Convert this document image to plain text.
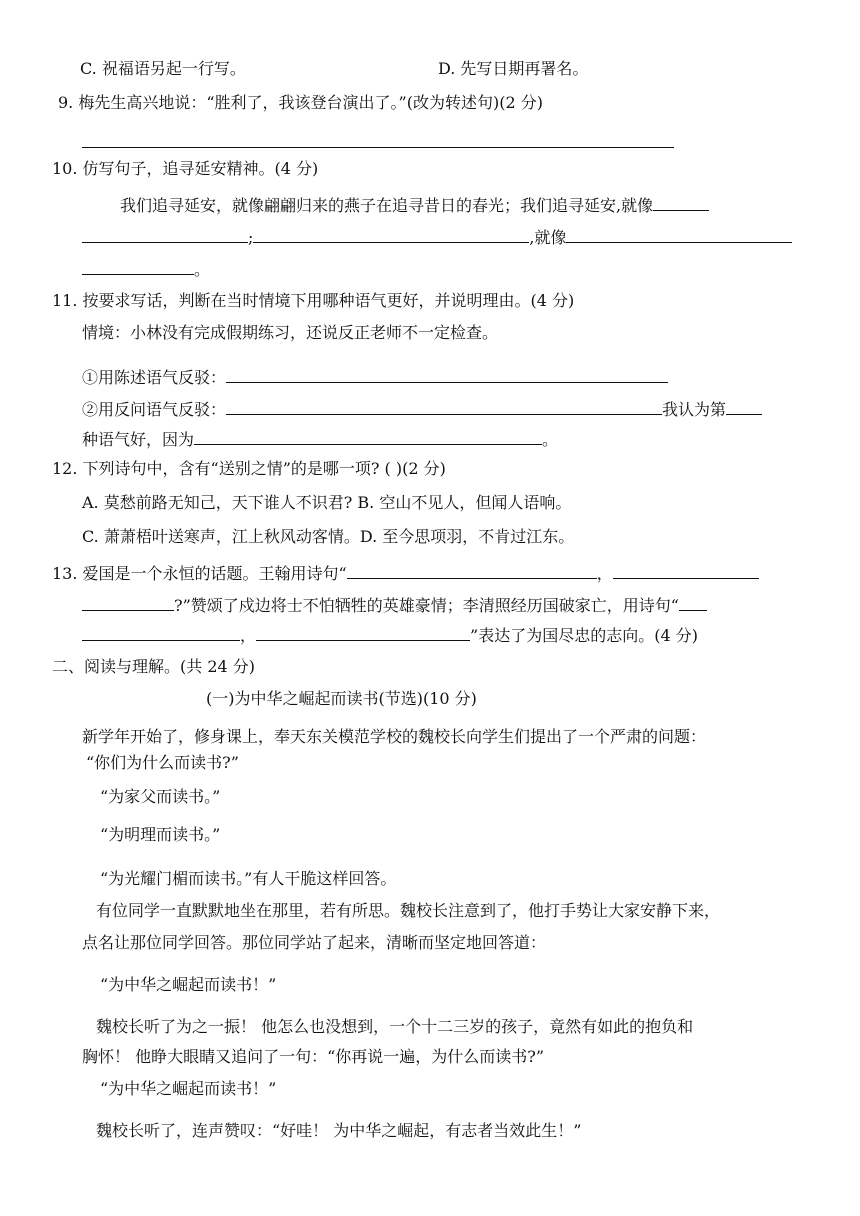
C. 祝福语另起一行写。	D. 先写日期再署名。
9. 梅先生高兴地说：“胜利了，我该登台演出了。”(改为转述句)(2 分)
10. 仿写句子，追寻延安精神。(4 分)
我们追寻延安，就像翩翩归来的燕子在追寻昔日的春光；我们追寻延安,就像
;	,就像
。
11. 按要求写话，判断在当时情境下用哪种语气更好，并说明理由。(4 分)
情境：小林没有完成假期练习，还说反正老师不一定检查。
①用陈述语气反驳：
②用反问语气反驳：	我认为第
种语气好，因为	。
12. 下列诗句中，含有“送别之情”的是哪一项? ( )(2 分)
A. 莫愁前路无知己，天下谁人不识君? B. 空山不见人，但闻人语响。
C. 萧萧梧叶送寒声，江上秋风动客情。D. 至今思项羽，不肯过江东。
13. 爱国是一个永恒的话题。王翰用诗句“	，
?”赞颂了戍边将士不怕牺牲的英雄豪情；李清照经历国破家亡，用诗句“
，	”表达了为国尽忠的志向。(4 分)
二、阅读与理解。(共 24 分)
(一)为中华之崛起而读书(节选)(10 分)
新学年开始了，修身课上，奉天东关模范学校的魏校长向学生们提出了一个严肃的问题：
“你们为什么而读书?”
“为家父而读书。”
“为明理而读书。”
“为光耀门楣而读书。”有人干脆这样回答。
有位同学一直默默地坐在那里，若有所思。魏校长注意到了，他打手势让大家安静下来，
点名让那位同学回答。那位同学站了起来，清晰而坚定地回答道：
“为中华之崛起而读书！”
魏校长听了为之一振！ 他怎么也没想到，一个十二三岁的孩子，竟然有如此的抱负和
胸怀！ 他睁大眼睛又追问了一句：“你再说一遍，为什么而读书?”
“为中华之崛起而读书！”
魏校长听了，连声赞叹：“好哇！ 为中华之崛起，有志者当效此生！”
